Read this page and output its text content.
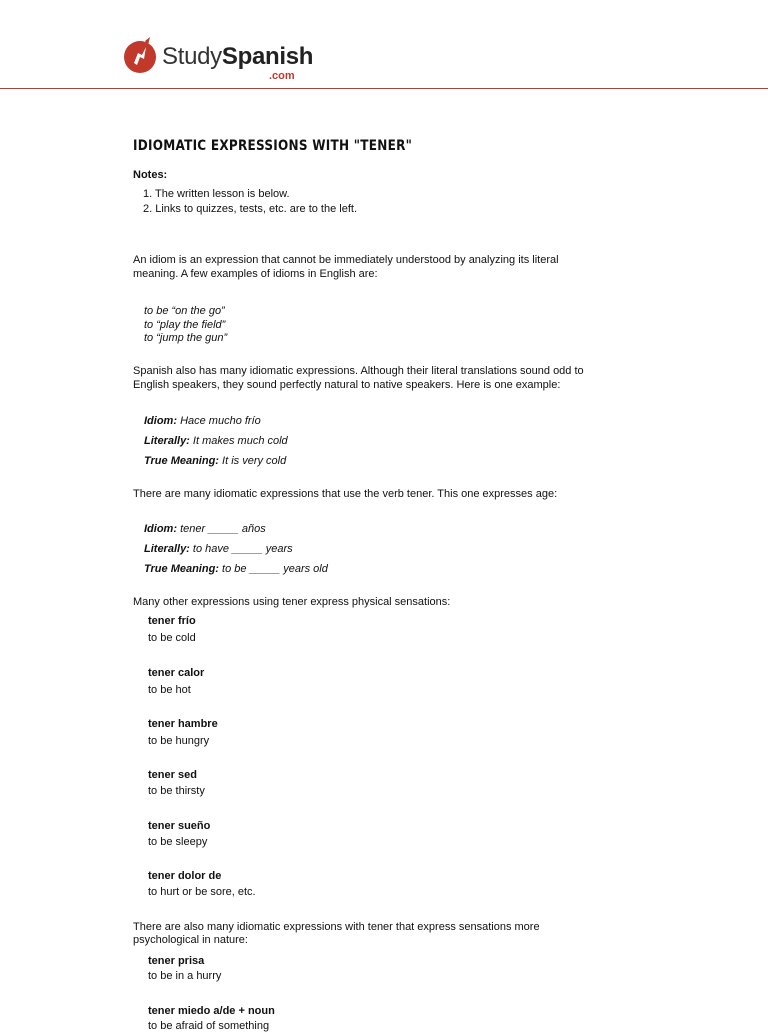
StudySpanish
.com
IDIOMATIC EXPRESSIONS WITH "TENER"
Notes:
1. The written lesson is below.
2. Links to quizzes, tests, etc. are to the left.
An idiom is an expression that cannot be immediately understood by analyzing its literal
meaning. A few examples of idioms in English are:
to be “on the go”
to “play the field”
to “jump the gun”
Spanish also has many idiomatic expressions. Although their literal translations sound odd to
English speakers, they sound perfectly natural to native speakers. Here is one example:
Idiom: Hace mucho frío
Literally: It makes much cold
True Meaning: It is very cold
There are many idiomatic expressions that use the verb tener. This one expresses age:
Idiom: tener _____ años
Literally: to have _____ years
True Meaning: to be _____ years old
Many other expressions using tener express physical sensations:
tener frío
to be cold
tener calor
to be hot
tener hambre
to be hungry
tener sed
to be thirsty
tener sueño
to be sleepy
tener dolor de
to hurt or be sore, etc.
There are also many idiomatic expressions with tener that express sensations more
psychological in nature:
tener prisa
to be in a hurry
tener miedo a/de + noun
to be afraid of something
